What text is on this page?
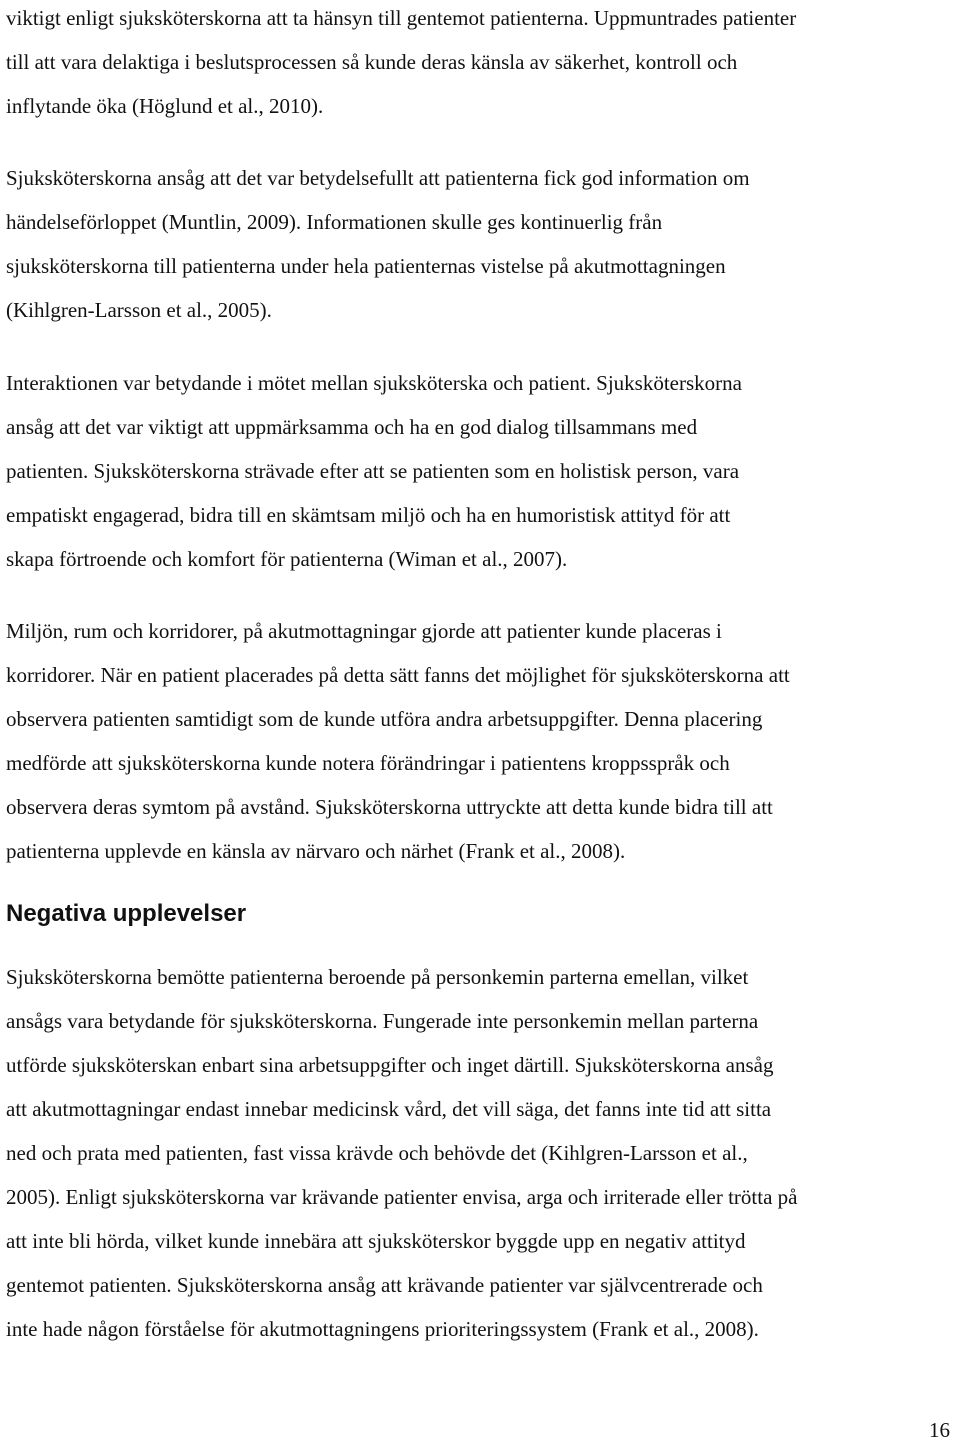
viktigt enligt sjuksköterskorna att ta hänsyn till gentemot patienterna. Uppmuntrades patienter

till att vara delaktiga i beslutsprocessen så kunde deras känsla av säkerhet, kontroll och

inflytande öka (Höglund et al., 2010).

Sjuksköterskorna ansåg att det var betydelsefullt att patienterna fick god information om

händelseförloppet (Muntlin, 2009). Informationen skulle ges kontinuerlig från

sjuksköterskorna till patienterna under hela patienternas vistelse på akutmottagningen

(Kihlgren-Larsson et al., 2005).

Interaktionen var betydande i mötet mellan sjuksköterska och patient. Sjuksköterskorna

ansåg att det var viktigt att uppmärksamma och ha en god dialog tillsammans med

patienten. Sjuksköterskorna strävade efter att se patienten som en holistisk person, vara

empatiskt engagerad, bidra till en skämtsam miljö och ha en humoristisk attityd för att

skapa förtroende och komfort för patienterna (Wiman et al., 2007).

Miljön, rum och korridorer, på akutmottagningar gjorde att patienter kunde placeras i

korridorer. När en patient placerades på detta sätt fanns det möjlighet för sjuksköterskorna att

observera patienten samtidigt som de kunde utföra andra arbetsuppgifter. Denna placering

medförde att sjuksköterskorna kunde notera förändringar i patientens kroppsspråk och

observera deras symtom på avstånd. Sjuksköterskorna uttryckte att detta kunde bidra till att

patienterna upplevde en känsla av närvaro och närhet (Frank et al., 2008).

Negativa upplevelser

Sjuksköterskorna bemötte patienterna beroende på personkemin parterna emellan, vilket

ansågs vara betydande för sjuksköterskorna. Fungerade inte personkemin mellan parterna

utförde sjuksköterskan enbart sina arbetsuppgifter och inget därtill. Sjuksköterskorna ansåg

att akutmottagningar endast innebar medicinsk vård, det vill säga, det fanns inte tid att sitta

ned och prata med patienten, fast vissa krävde och behövde det (Kihlgren-Larsson et al.,

2005). Enligt sjuksköterskorna var krävande patienter envisa, arga och irriterade eller trötta på

att inte bli hörda, vilket kunde innebära att sjuksköterskor byggde upp en negativ attityd

gentemot patienten. Sjuksköterskorna ansåg att krävande patienter var självcentrerade och

inte hade någon förståelse för akutmottagningens prioriteringssystem (Frank et al., 2008).

16
